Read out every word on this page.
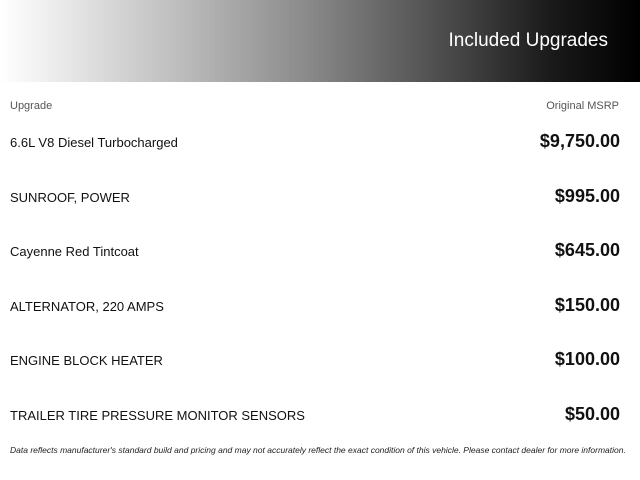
Included Upgrades
Upgrade	Original MSRP
6.6L V8 Diesel Turbocharged	$9,750.00
SUNROOF, POWER	$995.00
Cayenne Red Tintcoat	$645.00
ALTERNATOR, 220 AMPS	$150.00
ENGINE BLOCK HEATER	$100.00
TRAILER TIRE PRESSURE MONITOR SENSORS	$50.00
Data reflects manufacturer's standard build and pricing and may not accurately reflect the exact condition of this vehicle. Please contact dealer for more information.
